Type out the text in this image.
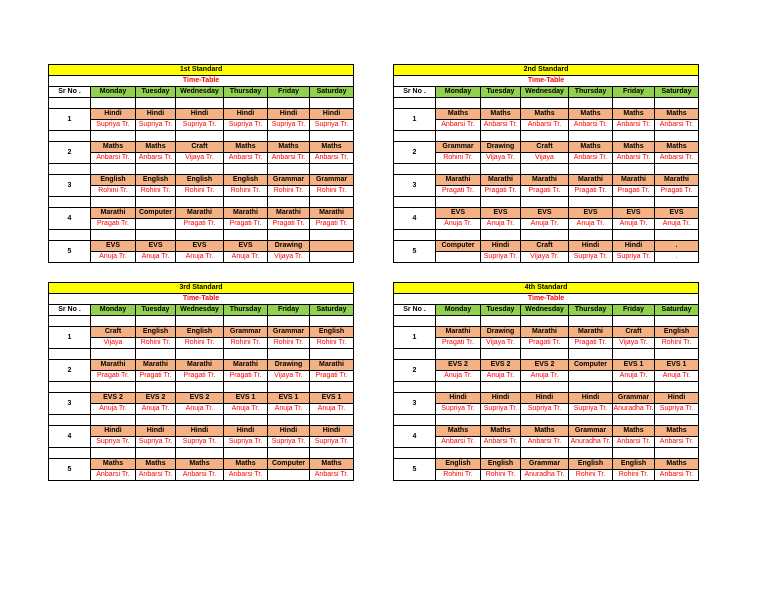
1st Standard						
Time-Table						
Sr No .	Monday	Tuesday	Wednesday	Thursday	Friday	Saturday

1	Hindi	Hindi	Hindi	Hindi	Hindi	Hindi
	Supriya Tr.	Supriya Tr.	Supriya Tr.	Supriya Tr.	Supriya Tr.	Supriya Tr.

2	Maths	Maths	Craft	Maths	Maths	Maths
	Anbarsi Tr.	Anbarsi Tr.	Vijaya Tr.	Anbarsi Tr.	Anbarsi Tr.	Anbarsi Tr.

3	English	English	English	English	Grammar	Grammar
	Rohini Tr.	Rohini Tr.	Rohini Tr.	Rohini Tr.	Rohini Tr.	Rohini Tr.

4	Marathi	Computer	Marathi	Marathi	Marathi	Marathi
	Pragati Tr.		Pragati Tr.	Pragati Tr.	Pragati Tr.	Pragati Tr.

5	EVS	EVS	EVS	EVS	Drawing	
	Anuja Tr.	Anuja Tr.	Anuja Tr.	Anuja Tr.	Vijaya Tr.	
2nd Standard						
Time-Table						
Sr No .	Monday	Tuesday	Wednesday	Thursday	Friday	Saturday

1	Maths	Maths	Maths	Maths	Maths	Maths
	Anbarsi Tr.	Anbarsi Tr.	Anbarsi Tr.	Anbarsi Tr.	Anbarsi Tr.	Anbarsi Tr.

2	Grammar	Drawing	Craft	Maths	Maths	Maths
	Rohini Tr.	Vijaya Tr.	Vijaya	Anbarsi Tr.	Anbarsi Tr.	Anbarsi Tr.

3	Marathi	Marathi	Marathi	Marathi	Marathi	Marathi
	Pragati Tr.	Pragati Tr.	Pragati Tr.	Pragati Tr.	Pragati Tr.	Pragati Tr.

4	EVS	EVS	EVS	EVS	EVS	EVS
	Anuja Tr.	Anuja Tr.	Anuja Tr.	Anuja Tr.	Anuja Tr.	Anuja Tr.

5	Computer	Hindi	Craft	Hindi	Hindi	.
		Supriya Tr.	Vijaya Tr.	Supriya Tr.	Supriya Tr.	.
3rd Standard						
Time-Table						
Sr No .	Monday	Tuesday	Wednesday	Thursday	Friday	Saturday

1	Craft	English	English	Grammar	Grammar	English
	Vijaya	Rohini Tr.	Rohini Tr.	Rohini Tr.	Rohini Tr.	Rohini Tr.

2	Marathi	Marathi	Marathi	Marathi	Drawing	Marathi
	Pragati Tr.	Pragati Tr.	Pragati Tr.	Pragati Tr.	Vijaya Tr.	Pragati Tr.

3	EVS 2	EVS 2	EVS 2	EVS 1	EVS 1	EVS 1
	Anuja Tr.	Anuja Tr.	Anuja Tr.	Anuja Tr.	Anuja Tr.	Anuja Tr.

4	Hindi	Hindi	Hindi	Hindi	Hindi	Hindi
	Supriya Tr.	Supriya Tr.	Supriya Tr.	Supriya Tr.	Supriya Tr.	Supriya Tr.

5	Maths	Maths	Maths	Maths	Computer	Maths
	Anbarsi Tr.	Anbarsi Tr.	Anbarsi Tr.	Anbarsi Tr.		Anbarsi Tr.
4th Standard						
Time-Table						
Sr No .	Monday	Tuesday	Wednesday	Thursday	Friday	Saturday

1	Marathi	Drawing	Marathi	Marathi	Craft	English
	Pragati Tr.	Vijaya Tr.	Pragati Tr.	Pragati Tr.	Vijaya Tr.	Rohini Tr.

2	EVS 2	EVS 2	EVS 2	Computer	EVS 1	EVS 1
	Anuja Tr.	Anuja Tr.	Anuja Tr.		Anuja Tr.	Anuja Tr.

3	Hindi	Hindi	Hindi	Hindi	Grammar	Hindi
	Supriya Tr.	Supriya Tr.	Supriya Tr.	Supriya Tr.	Anuradha Tr.	Supriya Tr.

4	Maths	Maths	Maths	Grammar	Maths	Maths
	Anbarsi Tr.	Anbarsi Tr.	Anbarsi Tr.	Anuradha Tr.	Anbarsi Tr.	Anbarsi Tr.

5	English	English	Grammar	English	English	Maths
	Rohini Tr.	Rohini Tr.	Anuradha Tr.	Rohini Tr.	Rohini Tr.	Anbarsi Tr.
